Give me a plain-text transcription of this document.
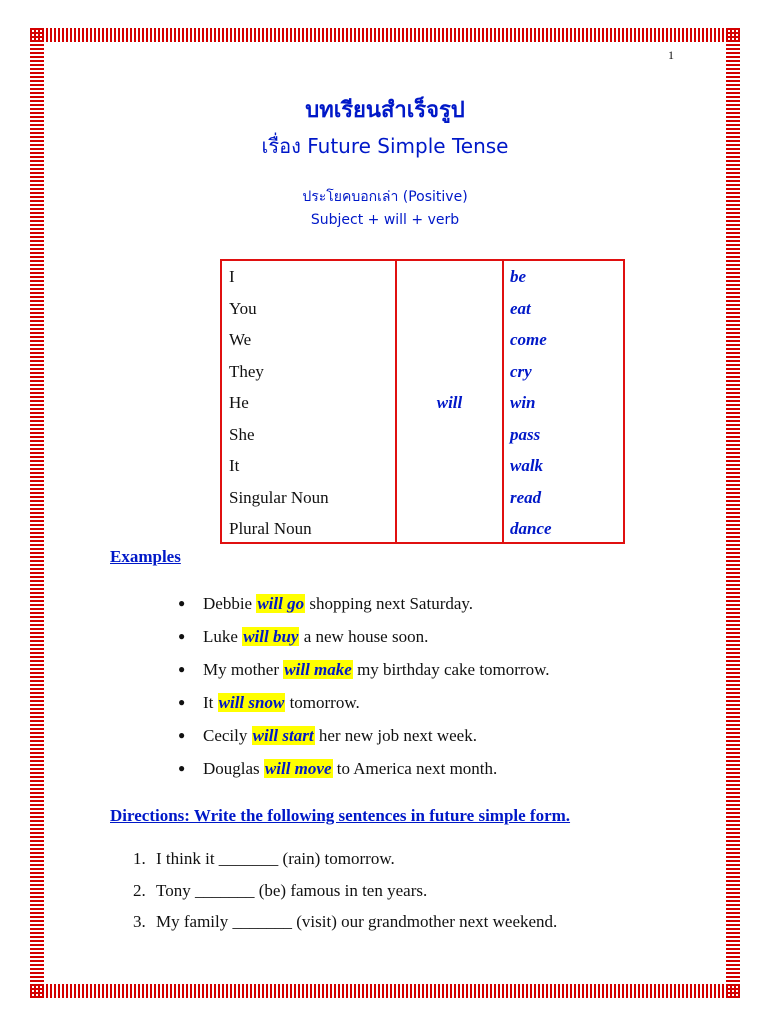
1
บทเรียนสำเร็จรูป
เรื่อง Future Simple Tense
ประโยคบอกเล่า (Positive)
Subject + will + verb
I
You
We
They
He
She
It
Singular Noun
Plural Noun
will
be
eat
come
cry
win
pass
walk
read
dance
Examples
● Debbie will go shopping next Saturday.
● Luke will buy a new house soon.
● My mother will make my birthday cake tomorrow.
● It will snow tomorrow.
● Cecily will start her new job next week.
● Douglas will move to America next month.
Directions: Write the following sentences in future simple form.
1. I think it _______ (rain) tomorrow.
2. Tony _______ (be) famous in ten years.
3. My family _______ (visit) our grandmother next weekend.
